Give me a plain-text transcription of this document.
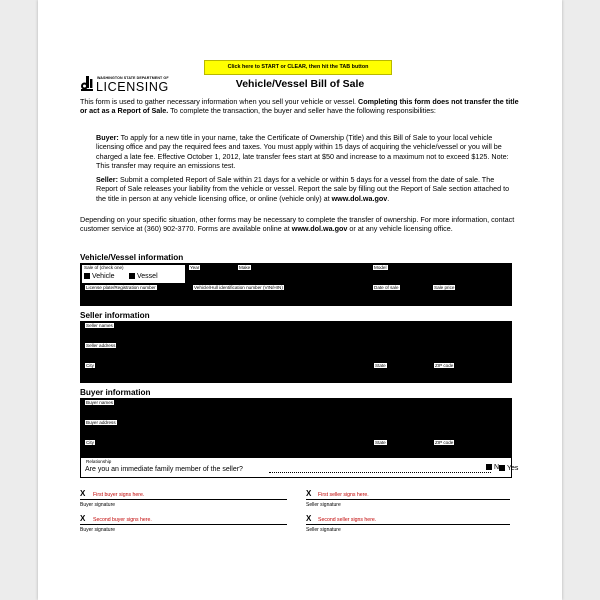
Click here to START or CLEAR, then hit the TAB button
WASHINGTON STATE DEPARTMENT OF
LICENSING	Vehicle/Vessel Bill of Sale
This form is used to gather necessary information when you sell your vehicle or vessel. Completing this form does not transfer the title or act as a Report of Sale. To complete the transaction, the buyer and seller have the following responsibilities:
Buyer: To apply for a new title in your name, take the Certificate of Ownership (Title) and this Bill of Sale to your local vehicle licensing office and pay the required fees and taxes. You must apply within 15 days of acquiring the vehicle/vessel or you will be charged a late fee. Effective October 1, 2012, late transfer fees start at $50 and increase to a maximum not to exceed $125. Note: This transfer may require an emissions test.
Seller: Submit a completed Report of Sale within 21 days for a vehicle or within 5 days for a vessel from the date of sale. The Report of Sale releases your liability from the vehicle or vessel. Report the sale by filling out the Report of Sale section attached to the title in person at any vehicle licensing office, or online (vehicle only) at www.dol.wa.gov.
Depending on your specific situation, other forms may be necessary to complete the transfer of ownership. For more information, contact customer service at (360) 902-3770. Forms are available online at www.dol.wa.gov or at any vehicle licensing office.
Vehicle/Vessel information
Sale of (check one)
Vehicle	Vessel
Year	Make	Model
License plate/Registration number	Vehicle/Hull identification number (VIN/HIN)	Date of sale	Sale price
Seller information
Seller names
Seller address
City	State	ZIP code
Buyer information
Buyer names
Buyer address
City	State	ZIP code
Relationship
Are you an immediate family member of the seller?	Yes
No
X First buyer signs here.
Buyer signature
X First seller signs here.
Seller signature
X Second buyer signs here.
Buyer signature
X Second seller signs here.
Seller signature
